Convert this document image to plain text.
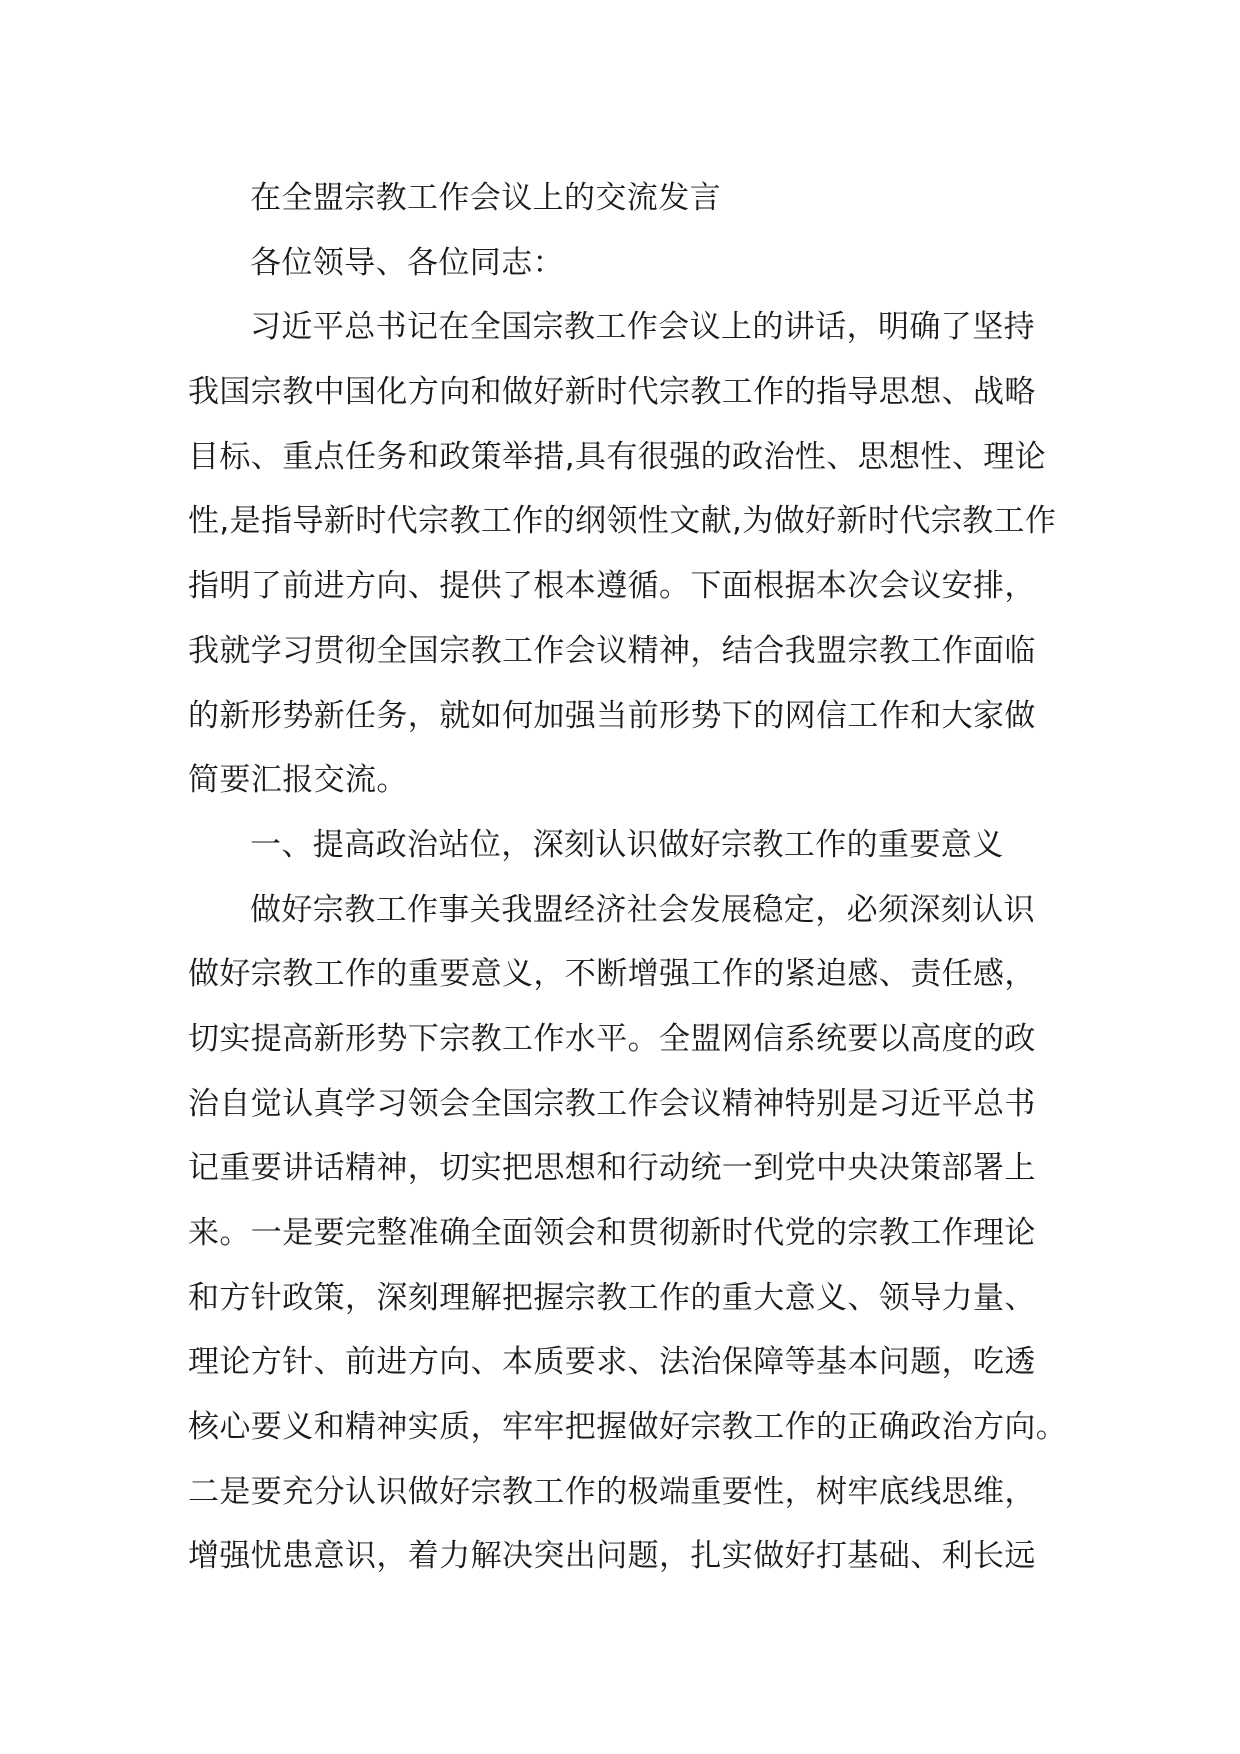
在全盟宗教工作会议上的交流发言
各位领导、各位同志：
习近平总书记在全国宗教工作会议上的讲话，明确了坚持
我国宗教中国化方向和做好新时代宗教工作的指导思想、战略
目标、重点任务和政策举措,具有很强的政治性、思想性、理论
性,是指导新时代宗教工作的纲领性文献,为做好新时代宗教工作
指明了前进方向、提供了根本遵循。下面根据本次会议安排，
我就学习贯彻全国宗教工作会议精神，结合我盟宗教工作面临
的新形势新任务，就如何加强当前形势下的网信工作和大家做
简要汇报交流。
一、提高政治站位，深刻认识做好宗教工作的重要意义
做好宗教工作事关我盟经济社会发展稳定，必须深刻认识
做好宗教工作的重要意义，不断增强工作的紧迫感、责任感，
切实提高新形势下宗教工作水平。全盟网信系统要以高度的政
治自觉认真学习领会全国宗教工作会议精神特别是习近平总书
记重要讲话精神，切实把思想和行动统一到党中央决策部署上
来。一是要完整准确全面领会和贯彻新时代党的宗教工作理论
和方针政策，深刻理解把握宗教工作的重大意义、领导力量、
理论方针、前进方向、本质要求、法治保障等基本问题，吃透
核心要义和精神实质，牢牢把握做好宗教工作的正确政治方向。
二是要充分认识做好宗教工作的极端重要性，树牢底线思维，
增强忧患意识，着力解决突出问题，扎实做好打基础、利长远
